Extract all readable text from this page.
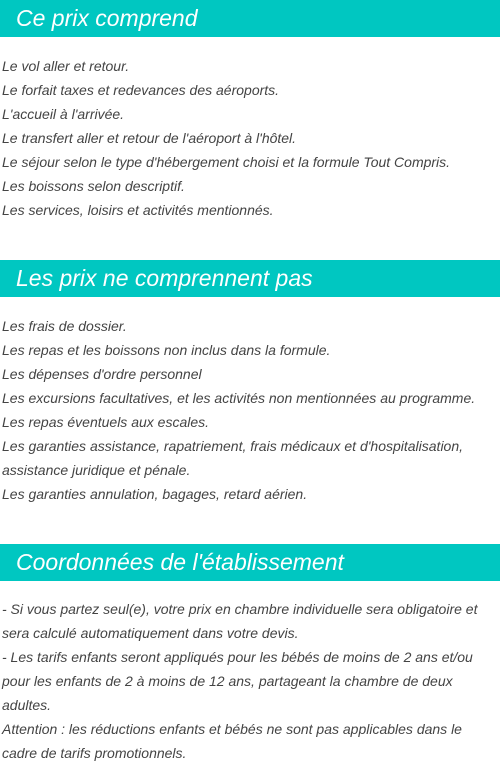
Ce prix comprend

Le vol aller et retour.

Le forfait taxes et redevances des aéroports.

L'accueil à l'arrivée.

Le transfert aller et retour de l'aéroport à l'hôtel.

Le séjour selon le type d'hébergement choisi et la formule Tout Compris.

Les boissons selon descriptif.

Les services, loisirs et activités mentionnés.

Les prix ne comprennent pas

Les frais de dossier.

Les repas et les boissons non inclus dans la formule.

Les dépenses d'ordre personnel

Les excursions facultatives, et les activités non mentionnées au programme.

Les repas éventuels aux escales.

Les garanties assistance, rapatriement, frais médicaux et d'hospitalisation, assistance juridique et pénale.

Les garanties annulation, bagages, retard aérien.

Coordonnées de l'établissement

- Si vous partez seul(e), votre prix en chambre individuelle sera obligatoire et sera calculé automatiquement dans votre devis.

- Les tarifs enfants seront appliqués pour les bébés de moins de 2 ans et/ou pour les enfants de 2 à moins de 12 ans, partageant la chambre de deux adultes.

Attention : les réductions enfants et bébés ne sont pas applicables dans le cadre de tarifs promotionnels.
